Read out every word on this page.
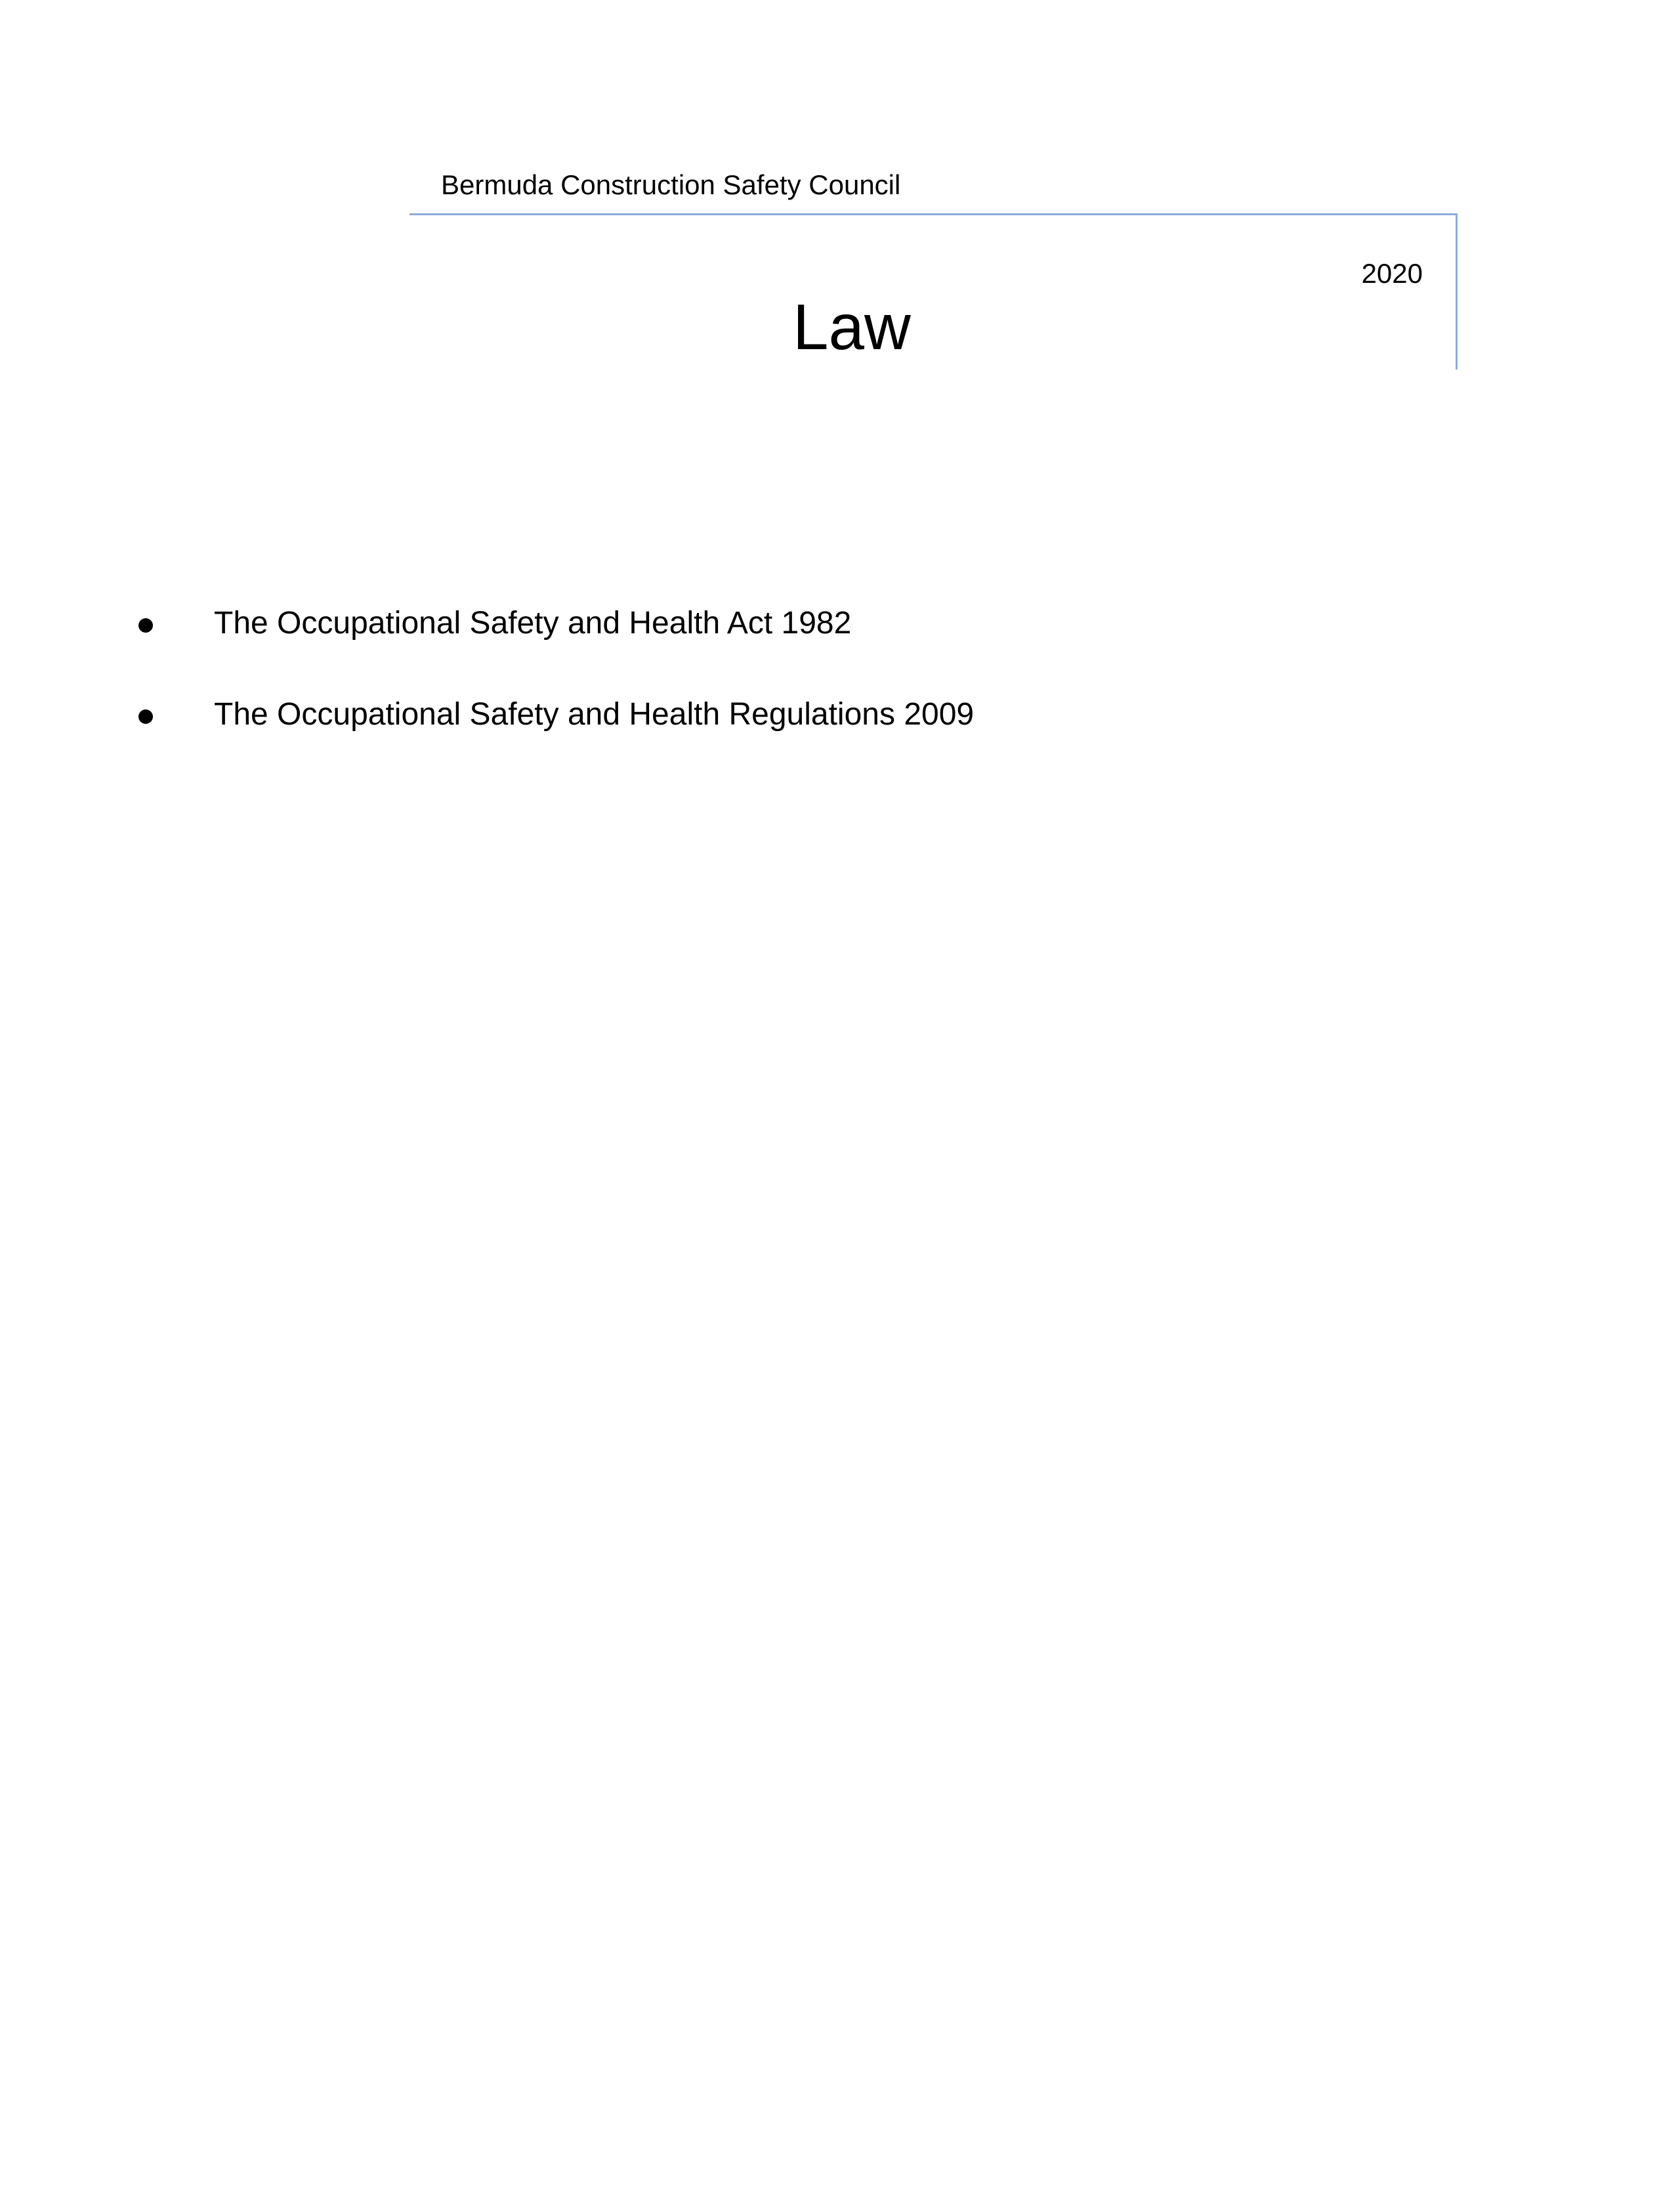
Bermuda Construction Safety Council
2020
Law
The Occupational Safety and Health Act 1982
The Occupational Safety and Health Regulations 2009
